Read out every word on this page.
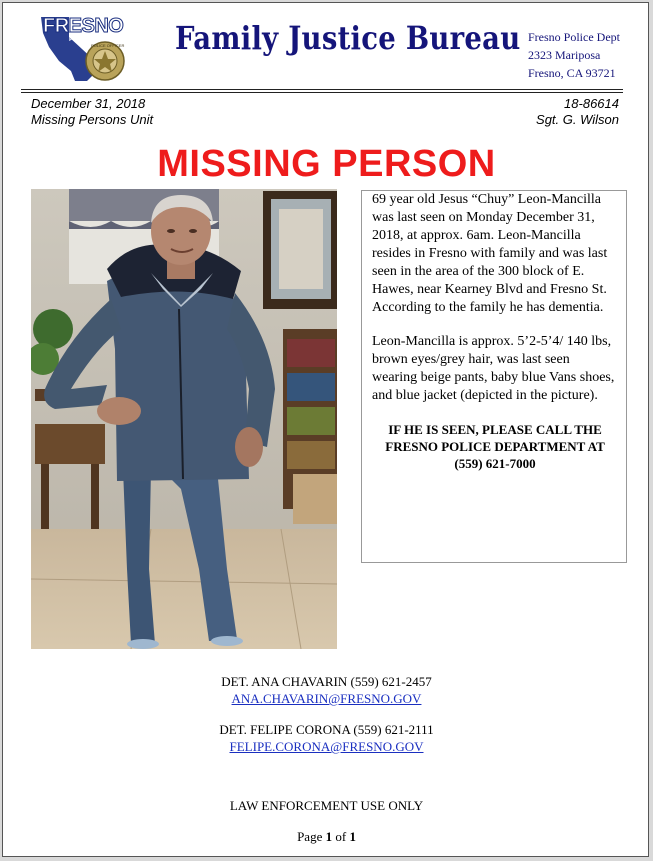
POLICE OFFICER
FRESNO
Police Department Family Justice Bureau Fresno Police Dept
2323 Mariposa
Fresno, CA 93721
December 31, 2018
Missing Persons Unit
18-86614
Sgt. G. Wilson
MISSING PERSON

69 year old Jesus “Chuy” Leon-Mancilla was last seen on Monday December 31, 2018, at approx. 6am. Leon-Mancilla resides in Fresno with family and was last seen in the area of the 300 block of E. Hawes, near Kearney Blvd and Fresno St. According to the family he has dementia.

Leon-Mancilla is approx. 5’2-5’4/ 140 lbs, brown eyes/grey hair, was last seen wearing beige pants, baby blue Vans shoes, and blue jacket (depicted in the picture).

IF HE IS SEEN, PLEASE CALL THE
FRESNO POLICE DEPARTMENT AT
(559) 621-7000
DET. ANA CHAVARIN (559) 621-2457
ANA.CHAVARIN@FRESNO.GOV
DET. FELIPE CORONA (559) 621-2111
FELIPE.CORONA@FRESNO.GOV
LAW ENFORCEMENT USE ONLY
Page 1 of 1
